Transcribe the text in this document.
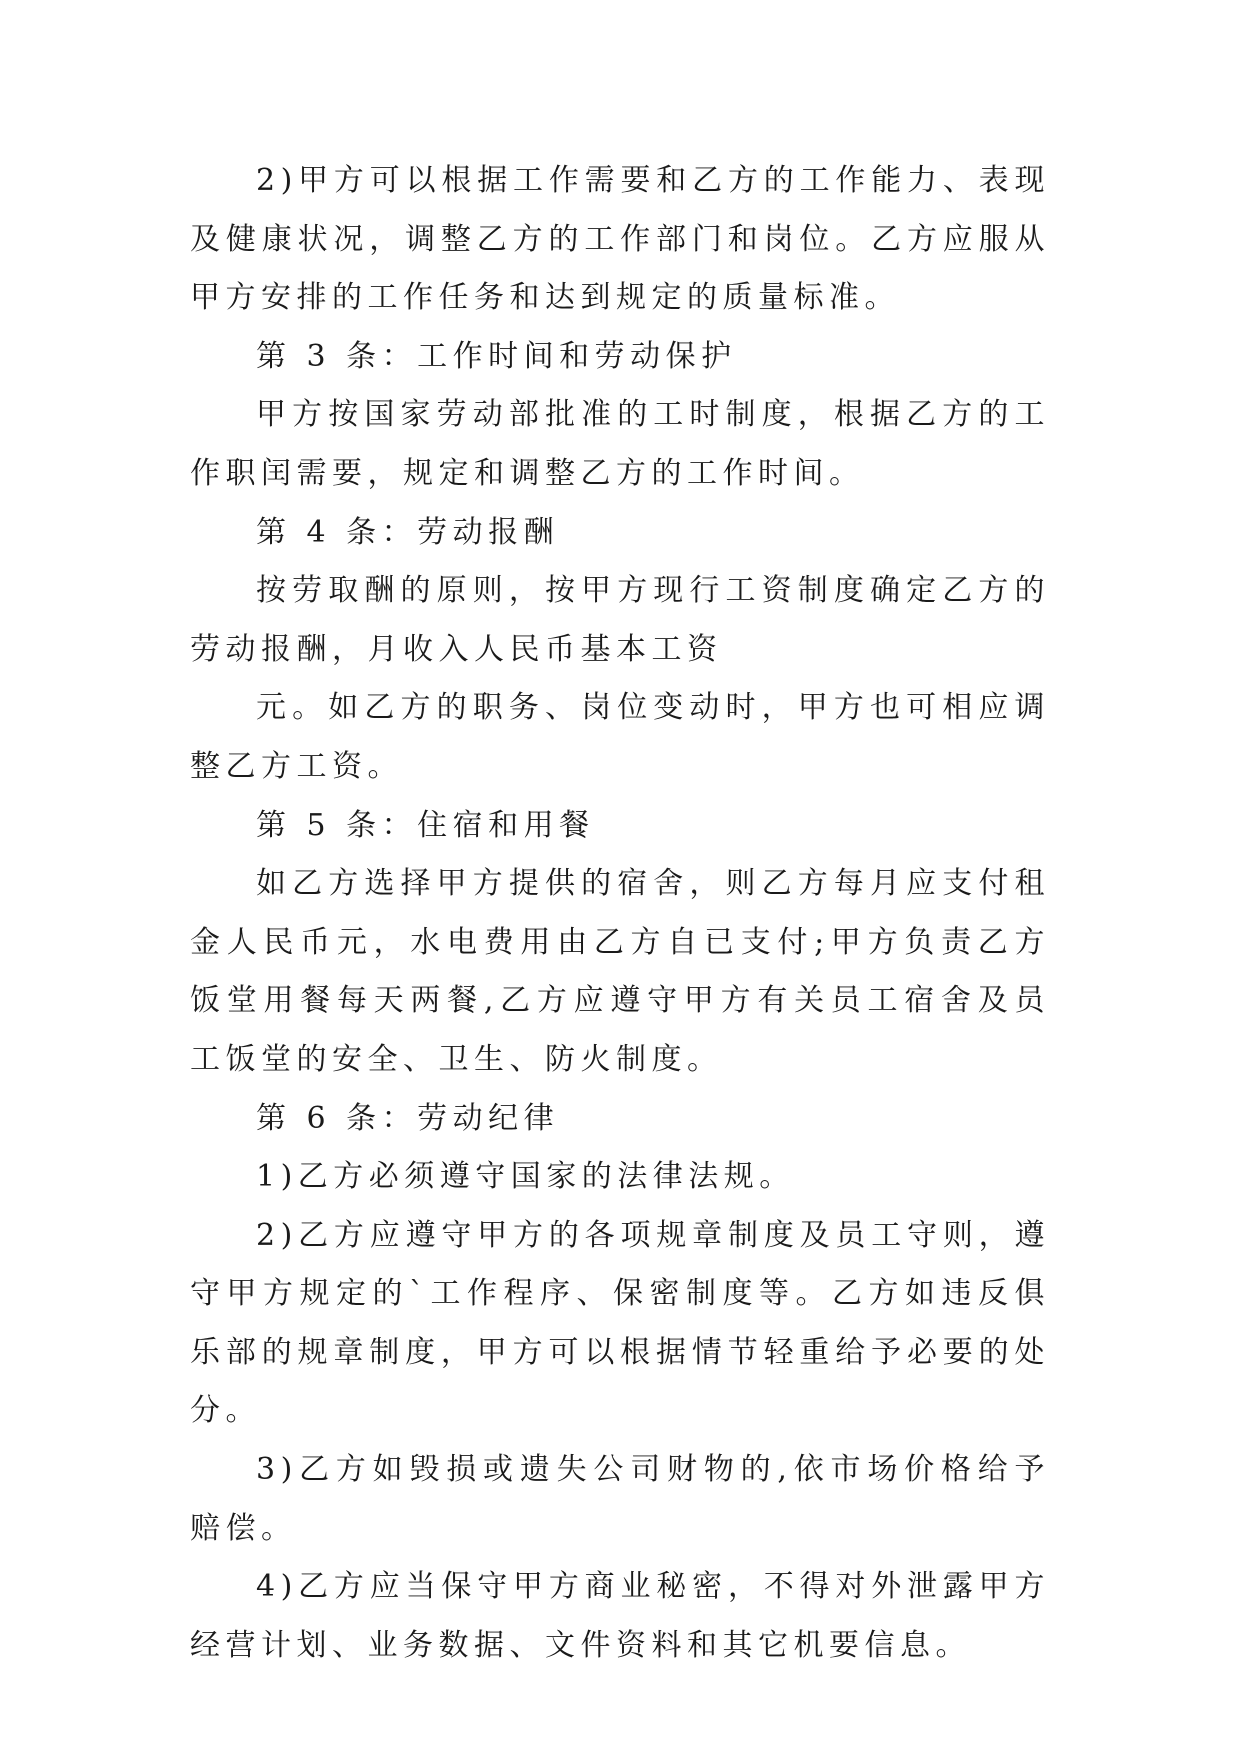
2)甲方可以根据工作需要和乙方的工作能力、表现及健康状况，调整乙方的工作部门和岗位。乙方应服从甲方安排的工作任务和达到规定的质量标准。

第 3 条：工作时间和劳动保护

甲方按国家劳动部批准的工时制度，根据乙方的工作职闰需要，规定和调整乙方的工作时间。

第 4 条：劳动报酬

按劳取酬的原则，按甲方现行工资制度确定乙方的劳动报酬，月收入人民币基本工资

元。如乙方的职务、岗位变动时，甲方也可相应调整乙方工资。

第 5 条：住宿和用餐

如乙方选择甲方提供的宿舍，则乙方每月应支付租金人民币元，水电费用由乙方自已支付;甲方负责乙方饭堂用餐每天两餐,乙方应遵守甲方有关员工宿舍及员工饭堂的安全、卫生、防火制度。

第 6 条：劳动纪律

1)乙方必须遵守国家的法律法规。

2)乙方应遵守甲方的各项规章制度及员工守则，遵守甲方规定的`工作程序、保密制度等。乙方如违反俱乐部的规章制度，甲方可以根据情节轻重给予必要的处分。

3)乙方如毁损或遗失公司财物的,依市场价格给予赔偿。

4)乙方应当保守甲方商业秘密，不得对外泄露甲方经营计划、业务数据、文件资料和其它机要信息。
